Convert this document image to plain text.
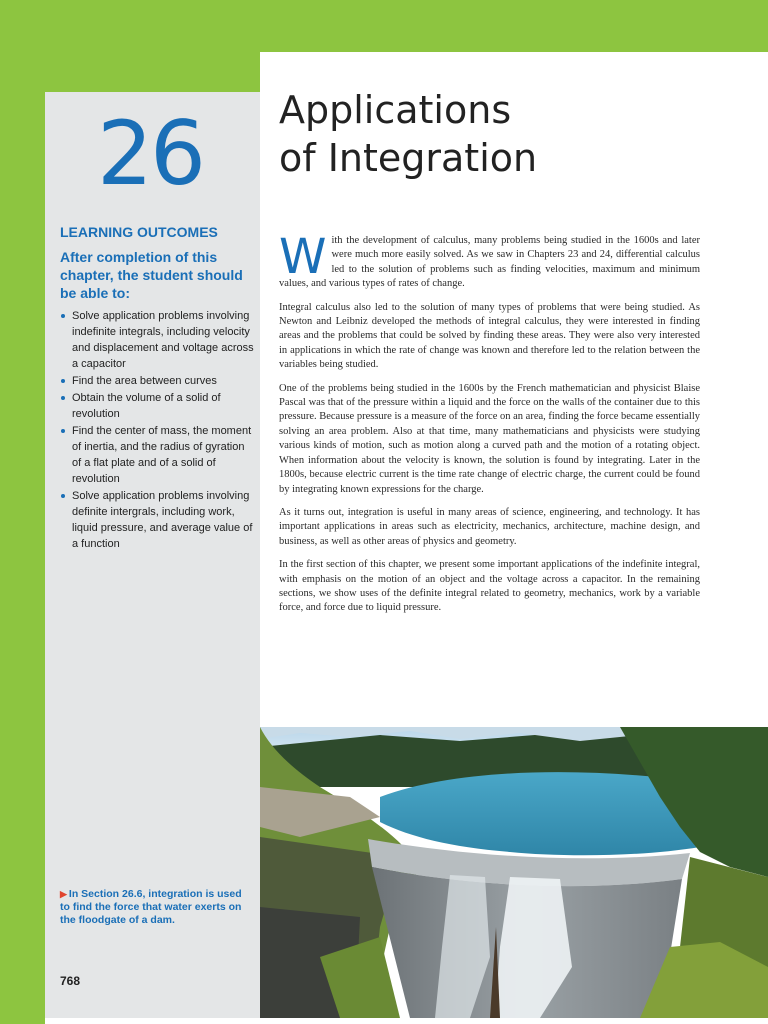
26
LEARNING OUTCOMES
After completion of this chapter, the student should be able to:
Solve application problems involving indefinite integrals, including velocity and displacement and voltage across a capacitor
Find the area between curves
Obtain the volume of a solid of revolution
Find the center of mass, the moment of inertia, and the radius of gyration of a flat plate and of a solid of revolution
Solve application problems involving definite intergrals, including work, liquid pressure, and average value of a function
▶ In Section 26.6, integration is used to find the force that water exerts on the floodgate of a dam.
768
Applications
of Integration

With the development of calculus, many problems being studied in the 1600s and later were much more easily solved. As we saw in Chapters 23 and 24, differential calculus led to the solution of problems such as finding velocities, maximum and minimum values, and various types of rates of change.

Integral calculus also led to the solution of many types of problems that were being studied. As Newton and Leibniz developed the methods of integral calculus, they were interested in finding areas and the problems that could be solved by finding these areas. They were also very interested in applications in which the rate of change was known and therefore led to the relation between the variables being studied.

One of the problems being studied in the 1600s by the French mathematician and physicist Blaise Pascal was that of the pressure within a liquid and the force on the walls of the container due to this pressure. Because pressure is a measure of the force on an area, finding the force became essentially solving an area problem. Also at that time, many mathematicians and physicists were studying various kinds of motion, such as motion along a curved path and the motion of a rotating object. When information about the velocity is known, the solution is found by integrating. Later in the 1800s, because electric current is the time rate change of electric charge, the current could be found by integrating known expressions for the charge.

As it turns out, integration is useful in many areas of science, engineering, and technology. It has important applications in areas such as electricity, mechanics, architecture, machine design, and business, as well as other areas of physics and geometry.

In the first section of this chapter, we present some important applications of the indefinite integral, with emphasis on the motion of an object and the voltage across a capacitor. In the remaining sections, we show uses of the definite integral related to geometry, mechanics, work by a variable force, and force due to liquid pressure.
